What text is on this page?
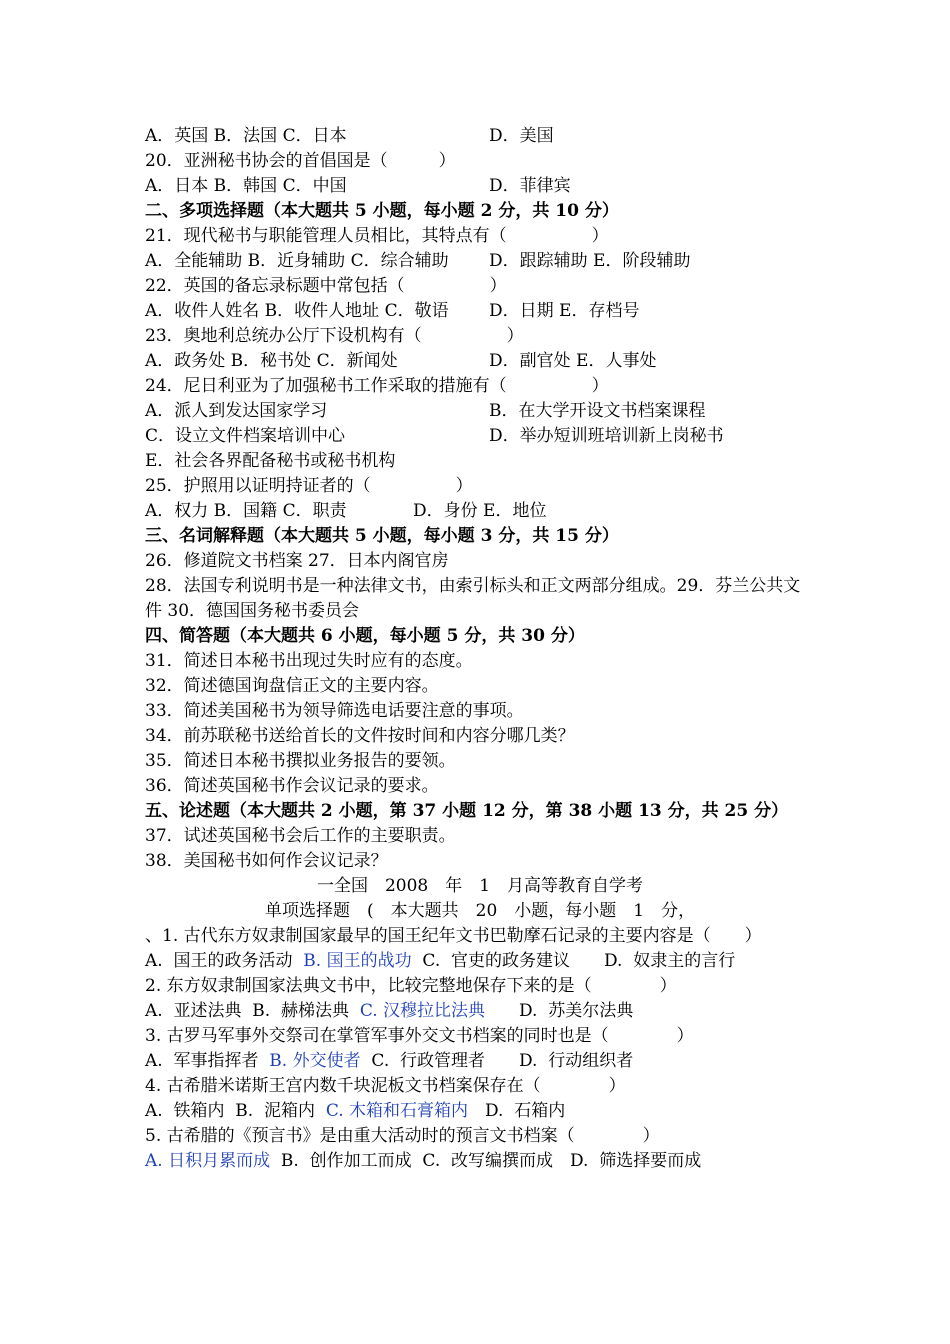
A．英国 B．法国 C．日本	D．美国
20．亚洲秘书协会的首倡国是（　　　）
A．日本 B．韩国 C．中国	D．菲律宾
二、多项选择题（本大题共 5 小题，每小题 2 分，共 10 分）
21．现代秘书与职能管理人员相比，其特点有（　　　　　）
A．全能辅助 B．近身辅助 C．综合辅助 D．跟踪辅助 E．阶段辅助
22．英国的备忘录标题中常包括（　　　　　）
A．收件人姓名 B．收件人地址 C．敬语 D．日期 E．存档号
23．奥地利总统办公厅下设机构有（　　　　　）
A．政务处 B．秘书处 C．新闻处	D．副官处 E．人事处
24．尼日利亚为了加强秘书工作采取的措施有（　　　　　）
A．派人到发达国家学习	B．在大学开设文书档案课程
C．设立文件档案培训中心	D．举办短训班培训新上岗秘书
E．社会各界配备秘书或秘书机构
25．护照用以证明持证者的（　　　　　）
A．权力 B．国籍 C．职责	D．身份 E．地位
三、名词解释题（本大题共 5 小题，每小题 3 分，共 15 分）
26．修道院文书档案 27．日本内阁官房
28．法国专利说明书是一种法律文书，由索引标头和正文两部分组成。29．芬兰公共文件 30．德国国务秘书委员会
四、简答题（本大题共 6 小题，每小题 5 分，共 30 分）
31．简述日本秘书出现过失时应有的态度。
32．简述德国询盘信正文的主要内容。
33．简述美国秘书为领导筛选电话要注意的事项。
34．前苏联秘书送给首长的文件按时间和内容分哪几类？
35．简述日本秘书撰拟业务报告的要领。
36．简述英国秘书作会议记录的要求。
五、论述题（本大题共 2 小题，第 37 小题 12 分，第 38 小题 13 分，共 25 分）
37．试述英国秘书会后工作的主要职责。
38．美国秘书如何作会议记录？
一全国　2008　年　1　月高等教育自学考
单项选择题　(　本大题共　20　小题，每小题　1　分，
、1. 古代东方奴隶制国家最早的国王纪年文书巴勒摩石记录的主要内容是（　　）
A.  国王的政务活动  B. 国王的战功  C.  官吏的政务建议　　D.  奴隶主的言行
2. 东方奴隶制国家法典文书中，比较完整地保存下来的是（　　　　）
A.  亚述法典  B.  赫梯法典  C. 汉穆拉比法典　　D.  苏美尔法典
3. 古罗马军事外交祭司在掌管军事外交文书档案的同时也是（　　　　）
A.  军事指挥者  B. 外交使者  C.  行政管理者　　D.  行动组织者
4. 古希腊米诺斯王宫内数千块泥板文书档案保存在（　　　　）
A.  铁箱内  B.  泥箱内  C. 木箱和石膏箱内　D.  石箱内
5. 古希腊的《预言书》是由重大活动时的预言文书档案（　　　　）
A. 日积月累而成  B.  创作加工而成  C.  改写编撰而成　D.  筛选择要而成
